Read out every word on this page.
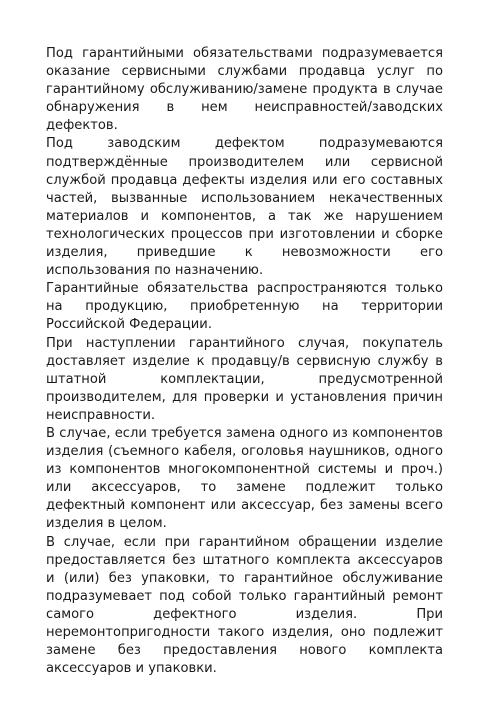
Под гарантийными обязательствами подразумевается оказание сервисными службами продавца услуг по гарантийному обслуживанию/замене продукта в случае обнаружения в нем неисправностей/заводских дефектов.

Под заводским дефектом подразумеваются подтверждённые производителем или сервисной службой продавца дефекты изделия или его составных частей, вызванные использованием некачественных материалов и компонентов, а так же нарушением технологических процессов при изготовлении и сборке изделия, приведшие к невозможности его использования по назначению.

Гарантийные обязательства распространяются только на продукцию, приобретенную на территории Российской Федерации.

При наступлении гарантийного случая, покупатель доставляет изделие к продавцу/в сервисную службу в штатной комплектации, предусмотренной производителем, для проверки и установления причин неисправности.

В случае, если требуется замена одного из компонентов изделия (съемного кабеля, оголовья наушников, одного из компонентов многокомпонентной системы и проч.) или аксессуаров, то замене подлежит только дефектный компонент или аксессуар, без замены всего изделия в целом.

В случае, если при гарантийном обращении изделие предоставляется без штатного комплекта аксессуаров и (или) без упаковки, то гарантийное обслуживание подразумевает под собой только гарантийный ремонт самого дефектного изделия. При неремонтопригодности такого изделия, оно подлежит замене без предоставления нового комплекта аксессуаров и упаковки.
